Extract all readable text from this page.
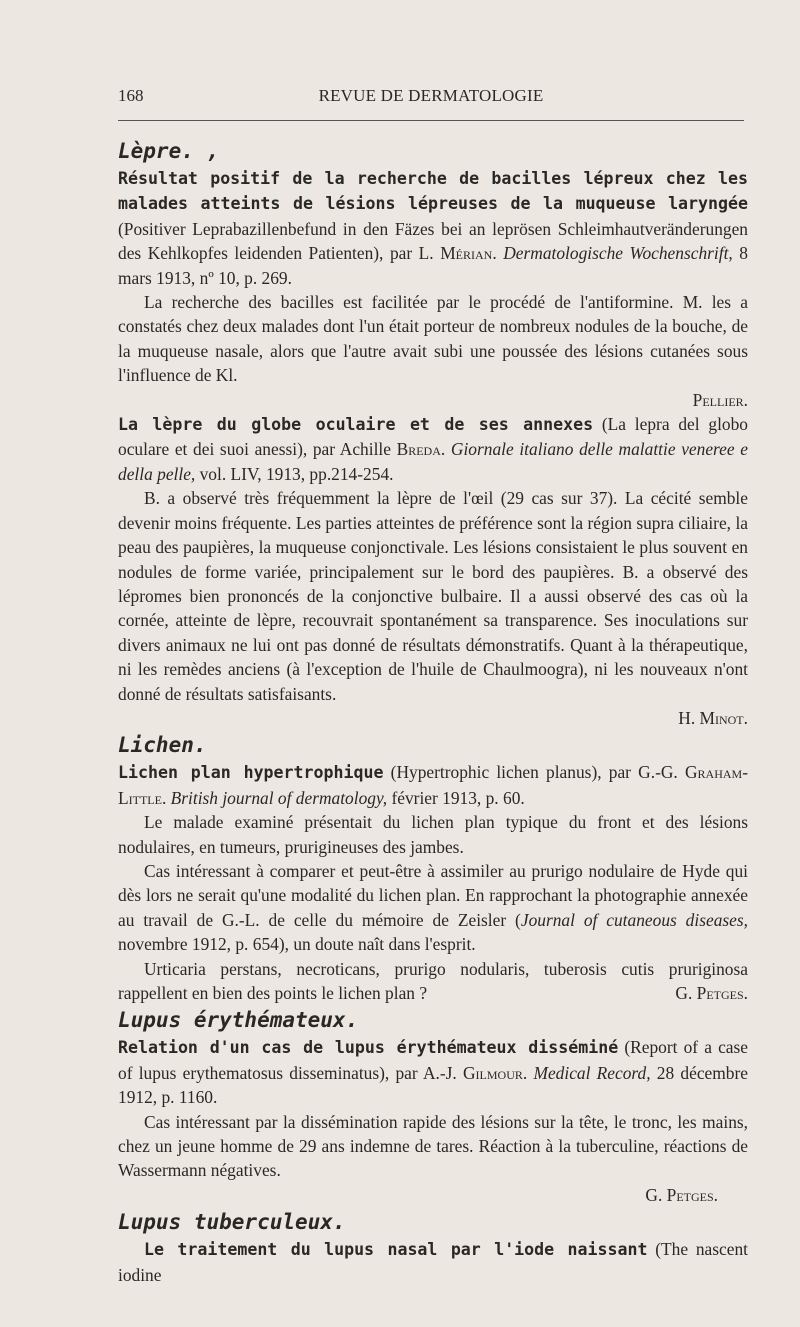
168	REVUE DE DERMATOLOGIE
Lèpre. ,

Résultat positif de la recherche de bacilles lépreux chez les malades atteints de lésions lépreuses de la muqueuse laryngée (Positiver Leprabazillenbefund in den Fäzes bei an leprösen Schleimhautveränderungen des Kehlkopfes leidenden Patienten), par L. Mérian. Dermatologische Wochenschrift, 8 mars 1913, nº 10, p. 269.

La recherche des bacilles est facilitée par le procédé de l'antiformine. M. les a constatés chez deux malades dont l'un était porteur de nombreux nodules de la bouche, de la muqueuse nasale, alors que l'autre avait subi une poussée des lésions cutanées sous l'influence de Kl.

Pellier.

La lèpre du globe oculaire et de ses annexes (La lepra del globo oculare et dei suoi anessi), par Achille Breda. Giornale italiano delle malattie veneree e della pelle, vol. LIV, 1913, pp.214-254.

B. a observé très fréquemment la lèpre de l'œil (29 cas sur 37). La cécité semble devenir moins fréquente. Les parties atteintes de préférence sont la région supra ciliaire, la peau des paupières, la muqueuse conjonctivale. Les lésions consistaient le plus souvent en nodules de forme variée, principalement sur le bord des paupières. B. a observé des lépromes bien prononcés de la conjonctive bulbaire. Il a aussi observé des cas où la cornée, atteinte de lèpre, recouvrait spontanément sa transparence. Ses inoculations sur divers animaux ne lui ont pas donné de résultats démonstratifs. Quant à la thérapeutique, ni les remèdes anciens (à l'exception de l'huile de Chaulmoogra), ni les nouveaux n'ont donné de résultats satisfaisants.

H. Minot.

Lichen.

Lichen plan hypertrophique (Hypertrophic lichen planus), par G.-G. Graham-Little. British journal of dermatology, février 1913, p. 60.

Le malade examiné présentait du lichen plan typique du front et des lésions nodulaires, en tumeurs, prurigineuses des jambes.

Cas intéressant à comparer et peut-être à assimiler au prurigo nodulaire de Hyde qui dès lors ne serait qu'une modalité du lichen plan. En rapprochant la photographie annexée au travail de G.-L. de celle du mémoire de Zeisler (Journal of cutaneous diseases, novembre 1912, p. 654), un doute naît dans l'esprit.

Urticaria perstans, necroticans, prurigo nodularis, tuberosis cutis pruriginosa rappellent en bien des points le lichen plan ?	G. Petges.

Lupus érythémateux.

Relation d'un cas de lupus érythémateux disséminé (Report of a case of lupus erythematosus disseminatus), par A.-J. Gilmour. Medical Record, 28 décembre 1912, p. 1160.

Cas intéressant par la dissémination rapide des lésions sur la tête, le tronc, les mains, chez un jeune homme de 29 ans indemne de tares. Réaction à la tuberculine, réactions de Wassermann négatives.

G. Petges.

Lupus tuberculeux.

Le traitement du lupus nasal par l'iode naissant (The nascent iodine
